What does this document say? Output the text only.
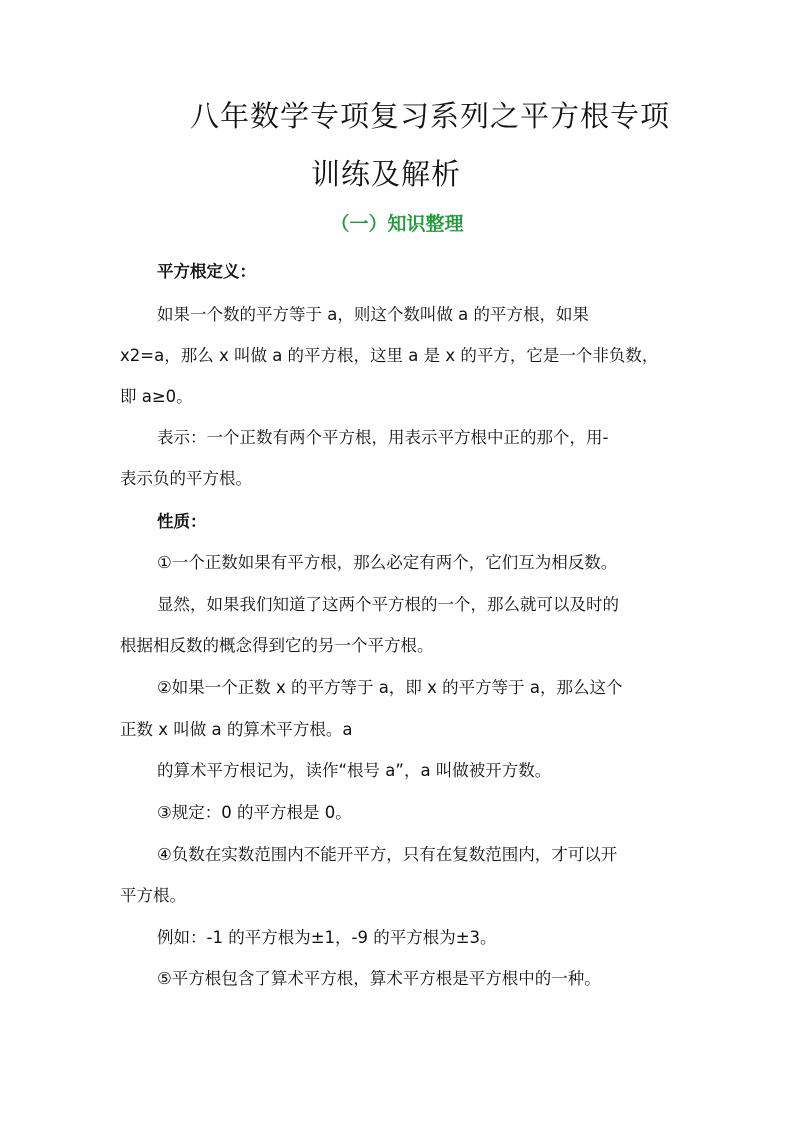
八年数学专项复习系列之平方根专项
训练及解析
（一）知识整理
平方根定义：
如果一个数的平方等于 a，则这个数叫做 a 的平方根，如果
x2=a，那么 x 叫做 a 的平方根，这里 a 是 x 的平方，它是一个非负数，
即 a≥0。
表示：一个正数有两个平方根，用表示平方根中正的那个，用-
表示负的平方根。
性质：
①一个正数如果有平方根，那么必定有两个，它们互为相反数。
显然，如果我们知道了这两个平方根的一个，那么就可以及时的
根据相反数的概念得到它的另一个平方根。
②如果一个正数 x 的平方等于 a，即 x 的平方等于 a，那么这个
正数 x 叫做 a 的算术平方根。a
的算术平方根记为，读作“根号 a”，a 叫做被开方数。
③规定：0 的平方根是 0。
④负数在实数范围内不能开平方，只有在复数范围内，才可以开
平方根。
例如：-1 的平方根为±1，-9 的平方根为±3。
⑤平方根包含了算术平方根，算术平方根是平方根中的一种。
